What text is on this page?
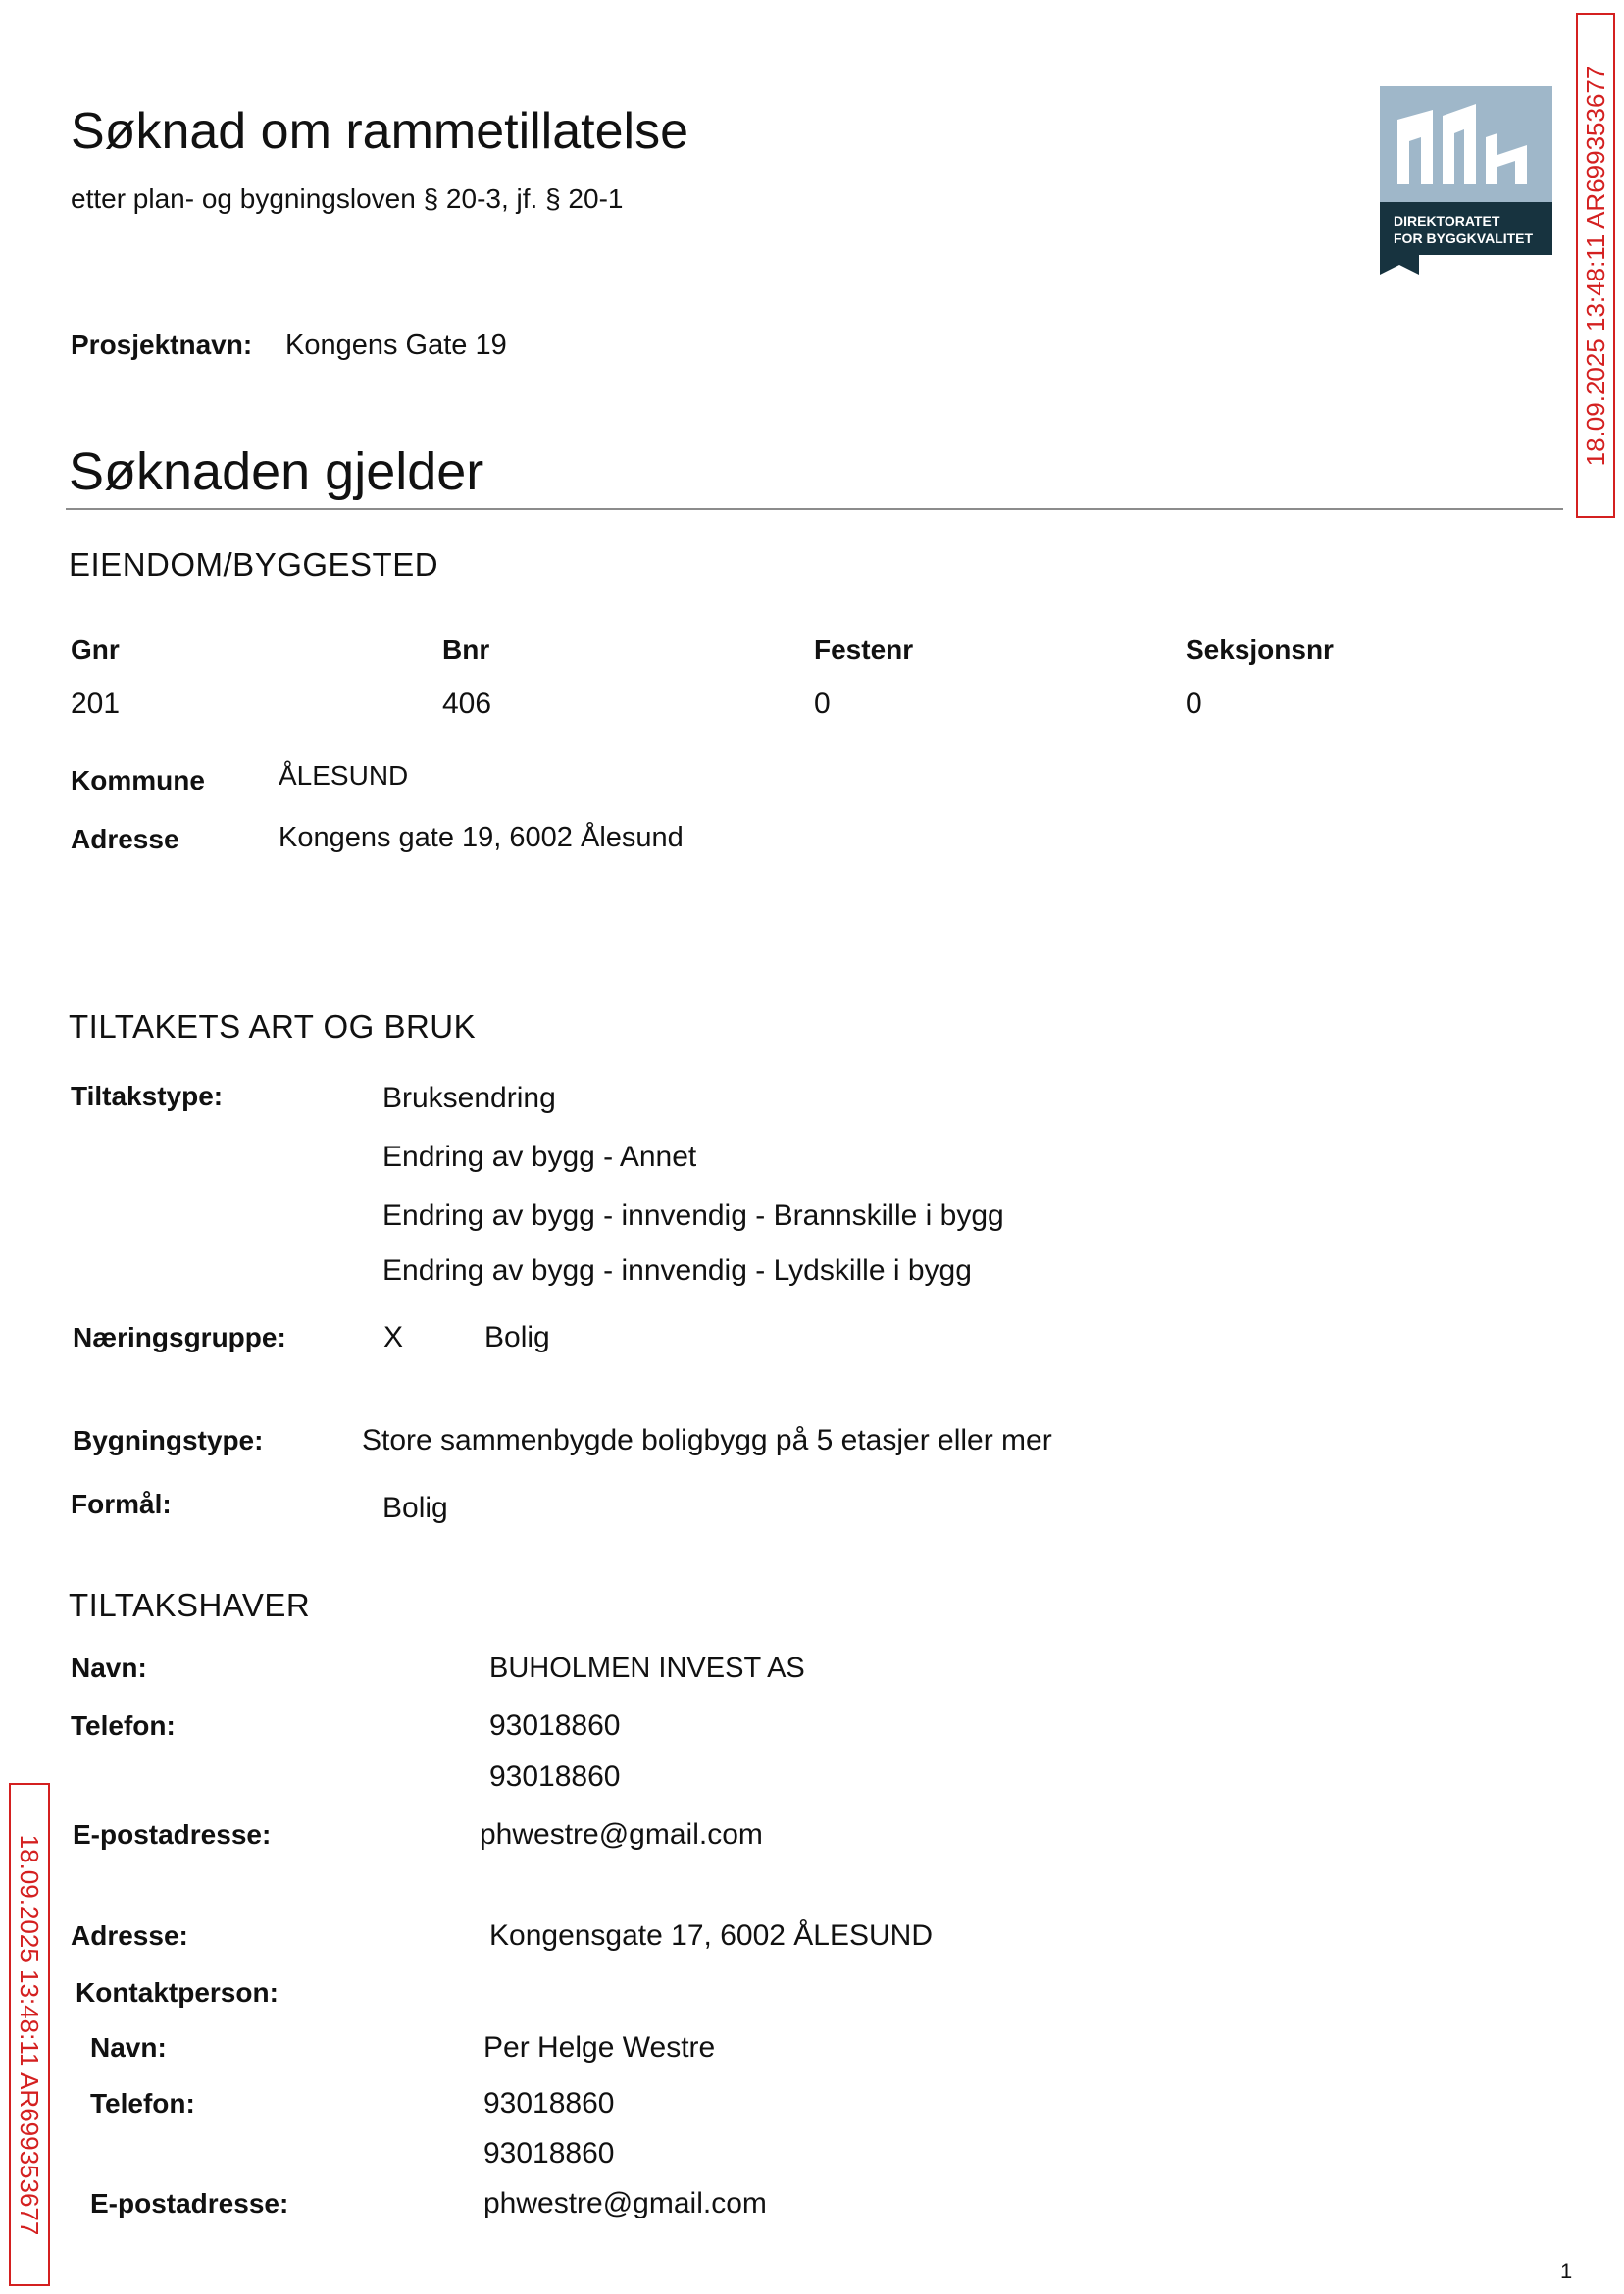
Søknad om rammetillatelse
etter plan- og bygningsloven § 20-3, jf. § 20-1
DIREKTORATET
FOR BYGGKVALITET 18.09.2025 13:48:11 AR699353677
18.09.2025 13:48:11 AR699353677
Prosjektnavn: Kongens Gate 19
Søknaden gjelder
EIENDOM/BYGGESTED
Gnr	Bnr	Festenr	Seksjonsnr
201	406	0	0
Kommune	ÅLESUND
Adresse	Kongens gate 19, 6002 Ålesund
TILTAKETS ART OG BRUK
Tiltakstype:	Bruksendring
Endring av bygg - Annet
Endring av bygg - innvendig - Brannskille i bygg
Endring av bygg - innvendig - Lydskille i bygg
Næringsgruppe:	X	Bolig
Bygningstype:	Store sammenbygde boligbygg på 5 etasjer eller mer
Formål:	Bolig
TILTAKSHAVER
Navn:	BUHOLMEN INVEST AS
Telefon:	93018860
93018860
E-postadresse:	phwestre@gmail.com
Adresse:	Kongensgate 17, 6002 ÅLESUND
Kontaktperson:
Navn:	Per Helge Westre
Telefon:	93018860
93018860
E-postadresse:	phwestre@gmail.com
1
